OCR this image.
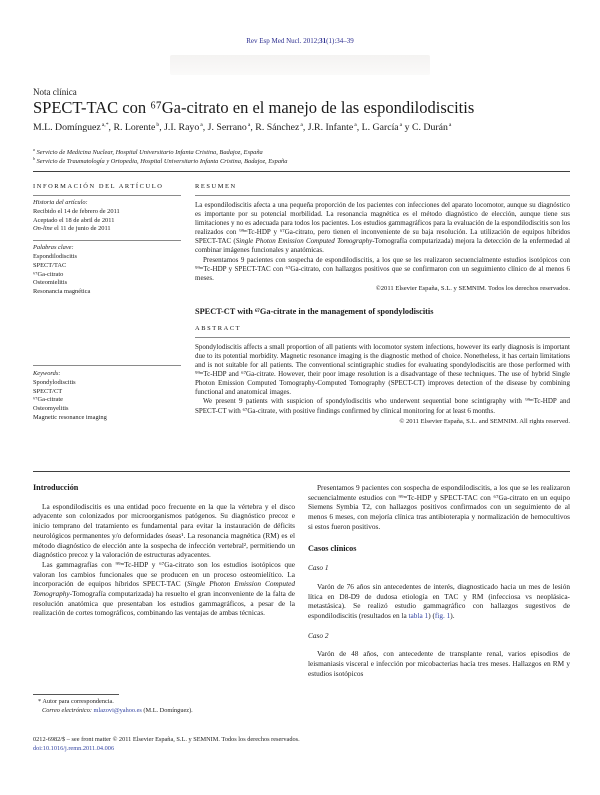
Rev Esp Med Nucl. 2012;31(1):34–39
Nota clínica
SPECT-TAC con ⁶⁷Ga-citrato en el manejo de las espondilodiscitis
M.L. Domínguez$^{a,*}$, R. Lorente$^b$, J.I. Rayo$^a$, J. Serrano$^a$, R. Sánchez$^a$, J.R. Infante$^a$, L. García$^a$ y C. Durán$^a$
$^a$ Servicio de Medicina Nuclear, Hospital Universitario Infanta Cristina, Badajoz, España
$^b$ Servicio de Traumatología y Ortopedia, Hospital Universitario Infanta Cristina, Badajoz, España
INFORMACIÓN DEL ARTÍCULO
Historia del artículo:
Recibido el 14 de febrero de 2011
Aceptado el 18 de abril de 2011
On-line el 11 de junio de 2011
Palabras clave:
Espondilodiscitis
SPECT/TAC
⁶⁷Ga-citrato
Osteomielitis
Resonancia magnética
Keywords:
Spondylodiscitis
SPECT/CT
⁶⁷Ga-citrate
Osteomyelitis
Magnetic resonance imaging
RESUMEN

La espondilodiscitis afecta a una pequeña proporción de los pacientes con infecciones del aparato locomotor, aunque su diagnóstico es importante por su potencial morbilidad. La resonancia magnética es el método diagnóstico de elección, aunque tiene sus limitaciones y no es adecuada para todos los pacientes. Los estudios gammagráficos para la evaluación de la espondilodiscitis son los realizados con ⁹⁹ᵐTc-HDP y ⁶⁷Ga-citrato, pero tienen el inconveniente de su baja resolución. La utilización de equipos híbridos SPECT-TAC (Single Photon Emission Computed Tomography-Tomografía computarizada) mejora la detección de la enfermedad al combinar imágenes funcionales y anatómicas.

Presentamos 9 pacientes con sospecha de espondilodiscitis, a los que se les realizaron secuencialmente estudios isotópicos con ⁹⁹ᵐTc-HDP y SPECT-TAC con ⁶⁷Ga-citrato, con hallazgos positivos que se confirmaron con un seguimiento clínico de al menos 6 meses.

©2011 Elsevier España, S.L. y SEMNIM. Todos los derechos reservados.
SPECT-CT with ⁶⁷Ga-citrate in the management of spondylodiscitis
ABSTRACT

Spondylodiscitis affects a small proportion of all patients with locomotor system infections, however its early diagnosis is important due to its potential morbidity. Magnetic resonance imaging is the diagnostic method of choice. Nonetheless, it has certain limitations and is not suitable for all patients. The conventional scintigraphic studies for evaluating spondylodiscitis are those performed with ⁹⁹ᵐTc-HDP and ⁶⁷Ga-citrate. However, their poor image resolution is a disadvantage of these techniques. The use of hybrid Single Photon Emission Computed Tomography-Computed Tomography (SPECT-CT) improves detection of the disease by combining functional and anatomical images.

We present 9 patients with suspicion of spondylodiscitis who underwent sequential bone scintigraphy with ⁹⁹ᵐTc-HDP and SPECT-CT with ⁶⁷Ga-citrate, with positive findings confirmed by clinical monitoring for at least 6 months.

© 2011 Elsevier España, S.L. and SEMNIM. All rights reserved.
Introducción

La espondilodiscitis es una entidad poco frecuente en la que la vértebra y el disco adyacente son colonizados por microorganismos patógenos. Su diagnóstico precoz e inicio temprano del tratamiento es fundamental para evitar la instauración de déficits neurológicos permanentes y/o deformidades óseas¹. La resonancia magnética (RM) es el método diagnóstico de elección ante la sospecha de infección vertebral², permitiendo un diagnóstico precoz y la valoración de estructuras adyacentes.

Las gammagrafías con ⁹⁹ᵐTc-HDP y ⁶⁷Ga-citrato son los estudios isotópicos que valoran los cambios funcionales que se producen en un proceso osteomielítico. La incorporación de equipos híbridos SPECT-TAC (Single Photon Emission Computed Tomography-Tomografía computarizada) ha resuelto el gran inconveniente de la falta de resolución anatómica que presentaban los estudios gammagráficos, a pesar de la realización de cortes tomográficos, combinando las ventajas de ambas técnicas.

Presentamos 9 pacientes con sospecha de espondilodiscitis, a los que se les realizaron secuencialmente estudios con ⁹⁹ᵐTc-HDP y SPECT-TAC con ⁶⁷Ga-citrato en un equipo Siemens Symbia T2, con hallazgos positivos confirmados con un seguimiento de al menos 6 meses, con mejoría clínica tras antibioterapia y normalización de hemocultivos si estos fueron positivos.

Casos clínicos
Caso 1

Varón de 76 años sin antecedentes de interés, diagnosticado hacia un mes de lesión lítica en D8-D9 de dudosa etiología en TAC y RM (infecciosa vs neoplásica-metastásica). Se realizó estudio gammagráfico con hallazgos sugestivos de espondilodiscitis (resultados en la tabla 1) (fig. 1).

Caso 2

Varón de 48 años, con antecedente de transplante renal, varios episodios de leismaniasis visceral e infección por micobacterias hacía tres meses. Hallazgos en RM y estudios isotópicos

* Autor para correspondencia.
Correo electrónico: mlazovi@yahoo.es (M.L. Domínguez).
0212-6982/$ – see front matter © 2011 Elsevier España, S.L. y SEMNIM. Todos los derechos reservados.
doi:10.1016/j.remn.2011.04.006
